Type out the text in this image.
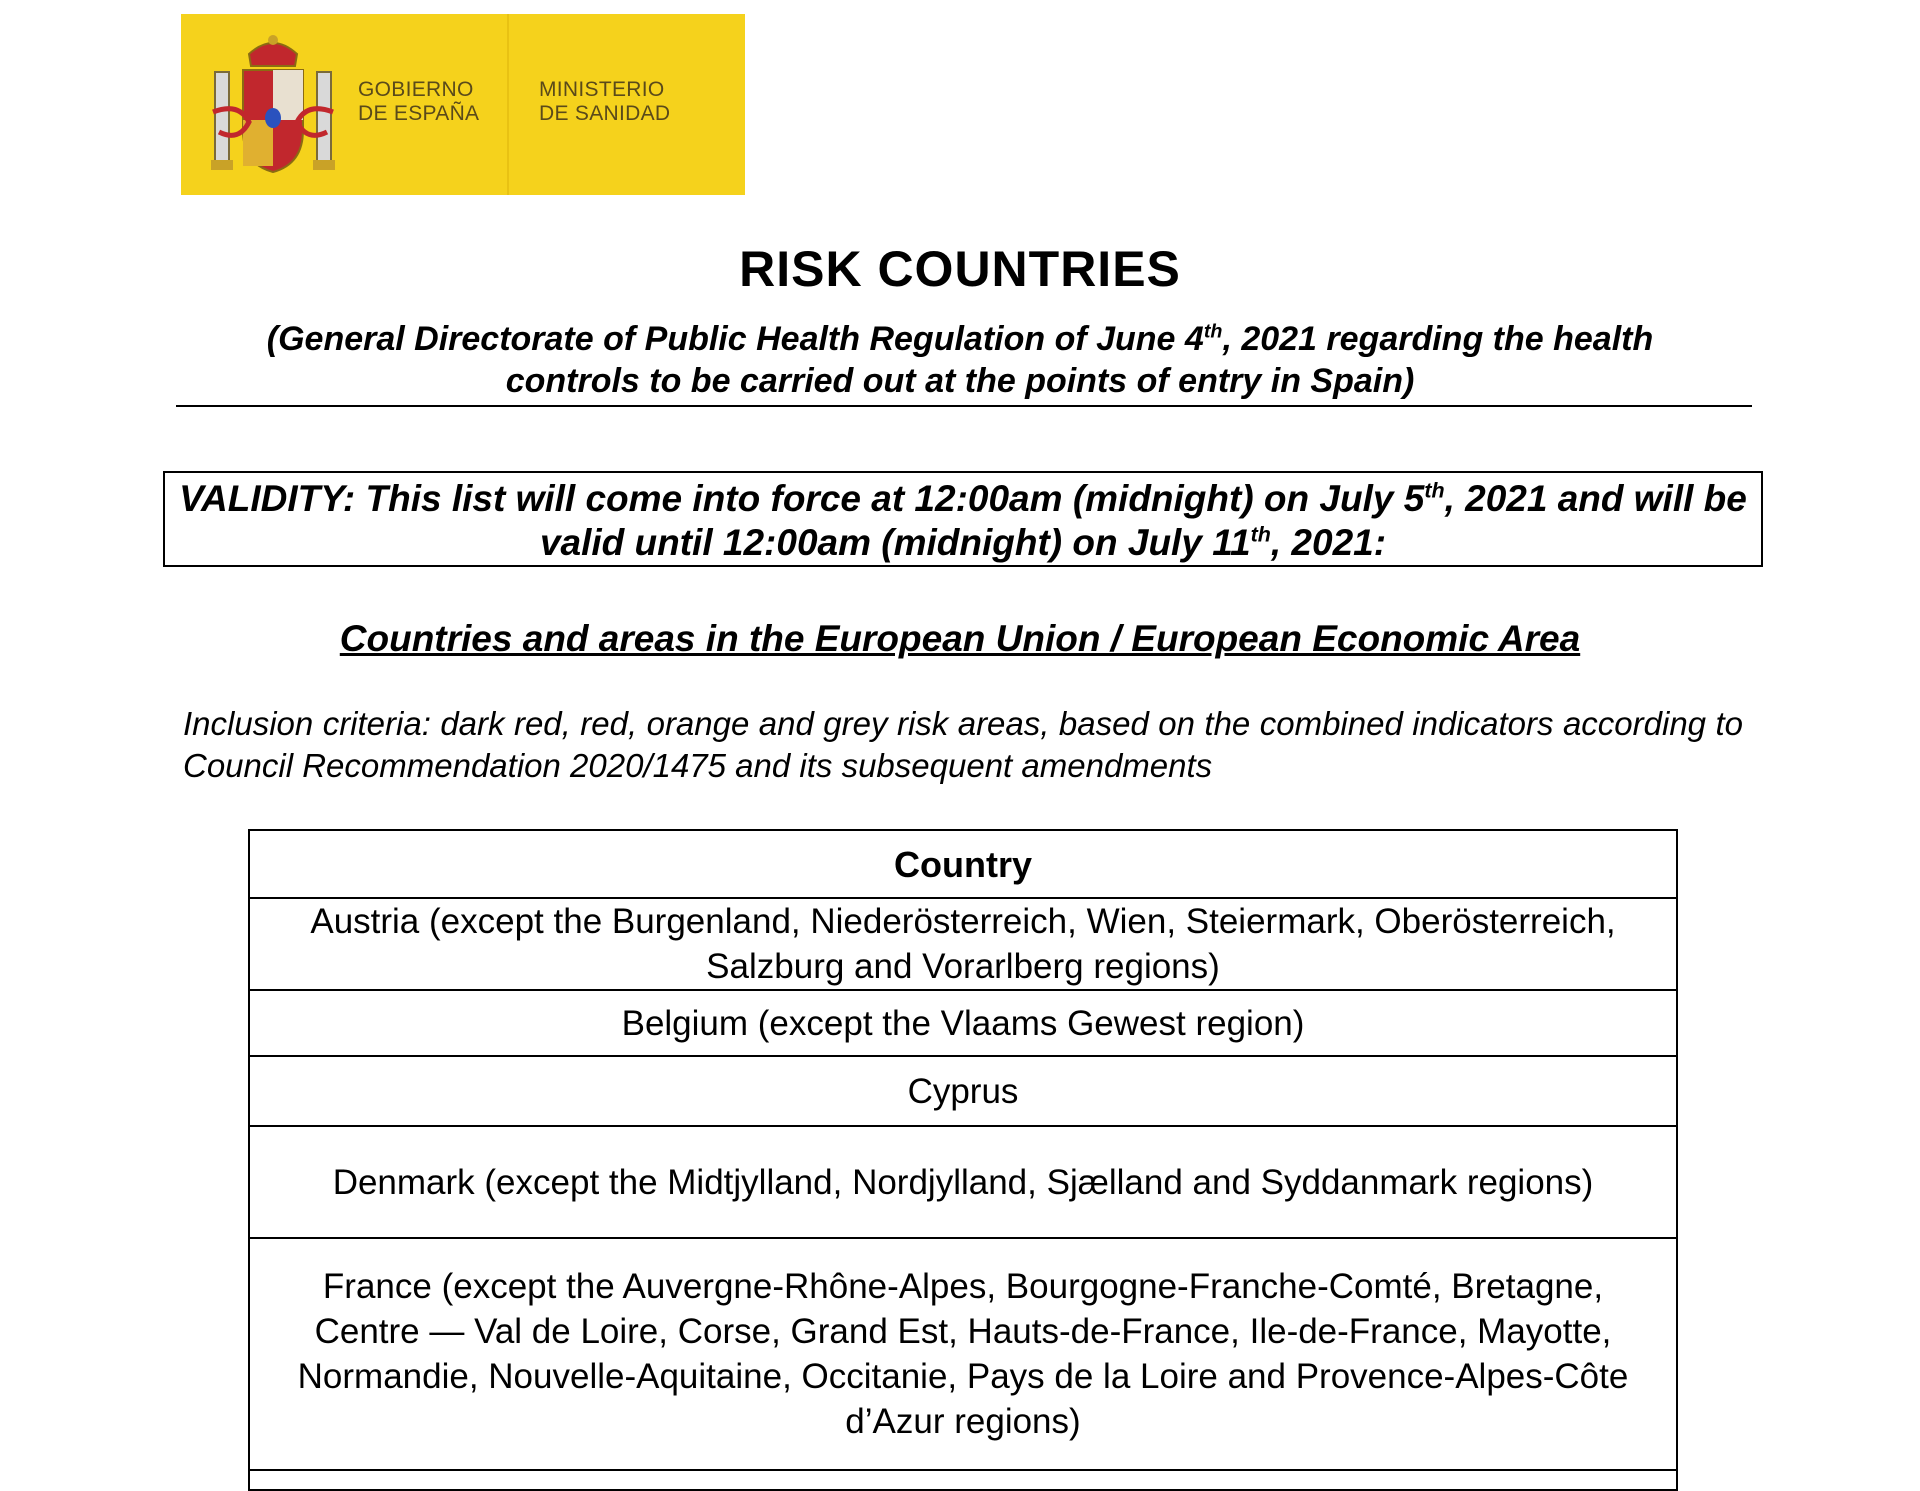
GOBIERNO
DE ESPAÑA
MINISTERIO
DE SANIDAD
RISK COUNTRIES
(General Directorate of Public Health Regulation of June 4th, 2021 regarding the health controls to be carried out at the points of entry in Spain)
VALIDITY: This list will come into force at 12:00am (midnight) on July 5th, 2021 and will be valid until 12:00am (midnight) on July 11th, 2021:
Countries and areas in the European Union / European Economic Area
Inclusion criteria: dark red, red, orange and grey risk areas, based on the combined indicators according to Council Recommendation 2020/1475 and its subsequent amendments
Country
Austria (except the Burgenland, Niederösterreich, Wien, Steiermark, Oberösterreich, Salzburg and Vorarlberg regions)
Belgium (except the Vlaams Gewest region)
Cyprus
Denmark (except the Midtjylland, Nordjylland, Sjælland and Syddanmark regions)
France (except the Auvergne-Rhône-Alpes, Bourgogne-Franche-Comté, Bretagne, Centre — Val de Loire, Corse, Grand Est, Hauts-de-France, Ile-de-France, Mayotte, Normandie, Nouvelle-Aquitaine, Occitanie, Pays de la Loire and Provence-Alpes-Côte d’Azur regions)
